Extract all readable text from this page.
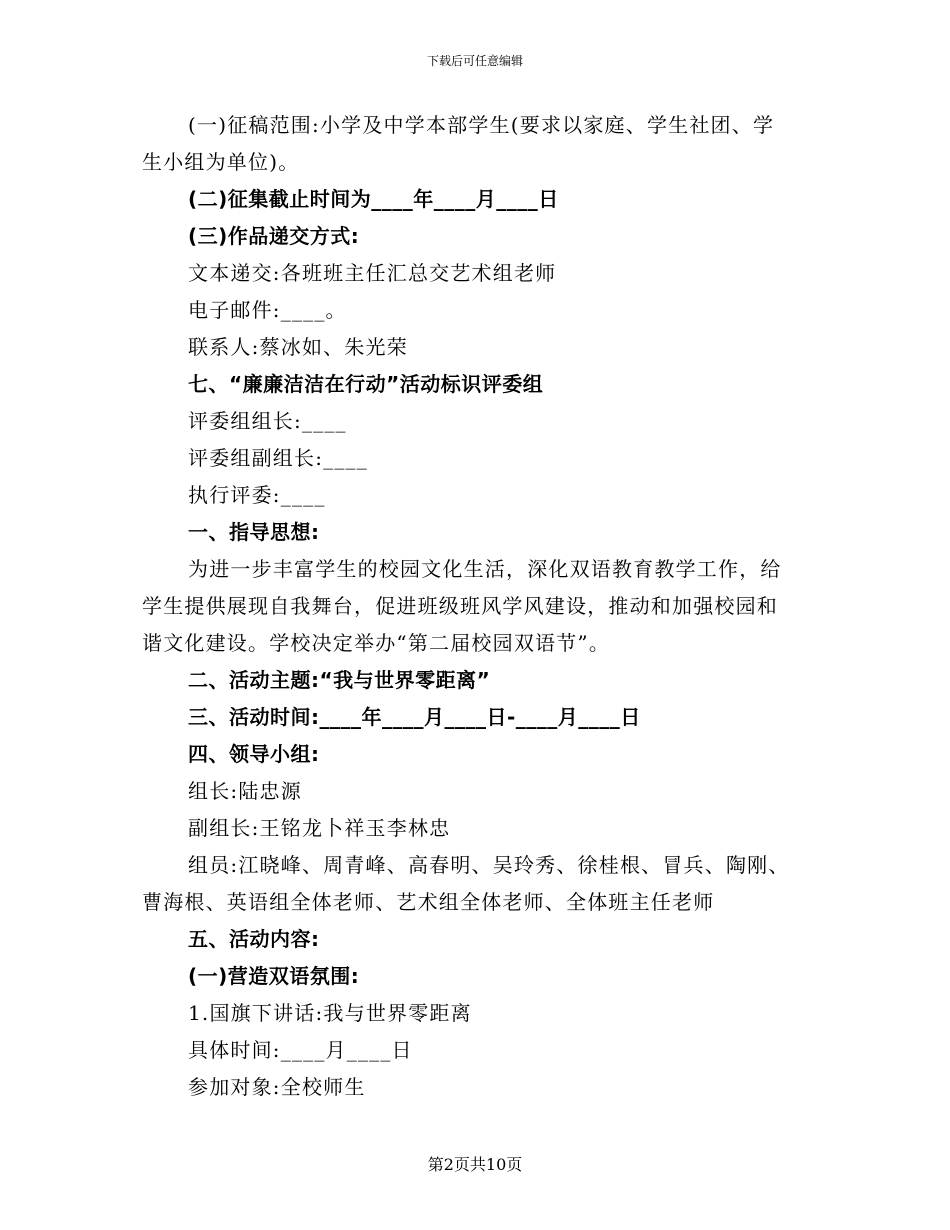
下载后可任意编辑
(一)征稿范围:小学及中学本部学生(要求以家庭、学生社团、学
生小组为单位)。
(二)征集截止时间为____年____月____日
(三)作品递交方式:
文本递交:各班班主任汇总交艺术组老师
电子邮件:____。
联系人:蔡冰如、朱光荣
七、“廉廉洁洁在行动”活动标识评委组
评委组组长:____
评委组副组长:____
执行评委:____
一、指导思想:
为进一步丰富学生的校园文化生活，深化双语教育教学工作，给
学生提供展现自我舞台，促进班级班风学风建设，推动和加强校园和
谐文化建设。学校决定举办“第二届校园双语节”。
二、活动主题:“我与世界零距离”
三、活动时间:____年____月____日-____月____日
四、领导小组:
组长:陆忠源
副组长:王铭龙卜祥玉李林忠
组员:江晓峰、周青峰、高春明、吴玲秀、徐桂根、冒兵、陶刚、
曹海根、英语组全体老师、艺术组全体老师、全体班主任老师
五、活动内容:
(一)营造双语氛围:
1.国旗下讲话:我与世界零距离
具体时间:____月____日
参加对象:全校师生
第2页共10页
